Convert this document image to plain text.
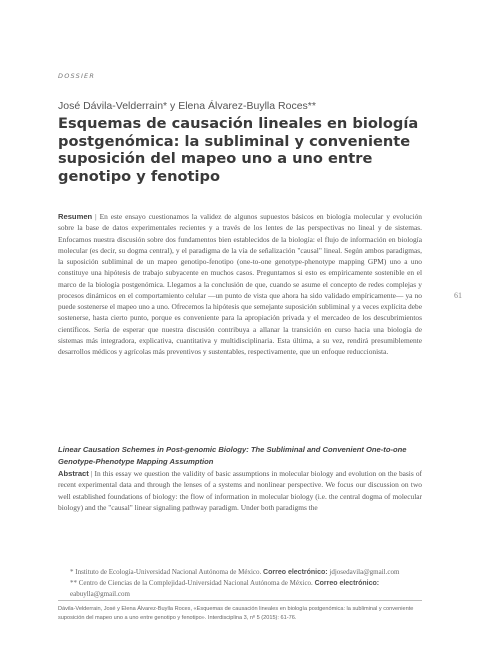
DOSSIER
José Dávila-Velderrain* y Elena Álvarez-Buylla Roces**
Esquemas de causación lineales en biología postgenómica: la subliminal y conveniente suposición del mapeo uno a uno entre genotipo y fenotipo

Resumen | En este ensayo cuestionamos la validez de algunos supuestos básicos en biología molecular y evolución sobre la base de datos experimentales recientes y a través de los lentes de las perspectivas no lineal y de sistemas. Enfocamos nuestra discusión sobre dos fundamentos bien establecidos de la biología: el flujo de información en biología molecular (es decir, su dogma central), y el paradigma de la vía de señalización "causal" lineal. Según ambos paradigmas, la suposición subliminal de un mapeo genotipo-fenotipo (one-to-one genotype-phenotype mapping GPM) uno a uno constituye una hipótesis de trabajo subyacente en muchos casos. Preguntamos si esto es empíricamente sostenible en el marco de la biología postgenómica. Llegamos a la conclusión de que, cuando se asume el concepto de redes complejas y procesos dinámicos en el comportamiento celular —un punto de vista que ahora ha sido validado empíricamente— ya no puede sostenerse el mapeo uno a uno. Ofrecemos la hipótesis que semejante suposición subliminal y a veces explícita debe sostenerse, hasta cierto punto, porque es conveniente para la apropiación privada y el mercadeo de los descubrimientos científicos. Sería de esperar que nuestra discusión contribuya a allanar la transición en curso hacia una biología de sistemas más integradora, explicativa, cuantitativa y multidisciplinaria. Esta última, a su vez, rendirá presumiblemente desarrollos médicos y agrícolas más preventivos y sustentables, respectivamente, que un enfoque reduccionista.

61

Linear Causation Schemes in Post-genomic Biology: The Subliminal and Convenient One-to-one Genotype-Phenotype Mapping Assumption

Abstract | In this essay we question the validity of basic assumptions in molecular biology and evolution on the basis of recent experimental data and through the lenses of a systems and nonlinear perspective. We focus our discussion on two well established foundations of biology: the flow of information in molecular biology (i.e. the central dogma of molecular biology) and the "causal" linear signaling pathway paradigm. Under both paradigms the

* Instituto de Ecología-Universidad Nacional Autónoma de México. Correo electrónico: jdjosedavila@gmail.com

** Centro de Ciencias de la Complejidad-Universidad Nacional Autónoma de México. Correo electrónico: eabuylla@gmail.com

Dávila-Velderrain, José y Elena Álvarez-Buylla Roces, «Esquemas de causación lineales en biología postgenómica: la subliminal y conveniente suposición del mapeo uno a uno entre genotipo y fenotipo». Interdisciplina 3, nº 5 (2015): 61-76.
